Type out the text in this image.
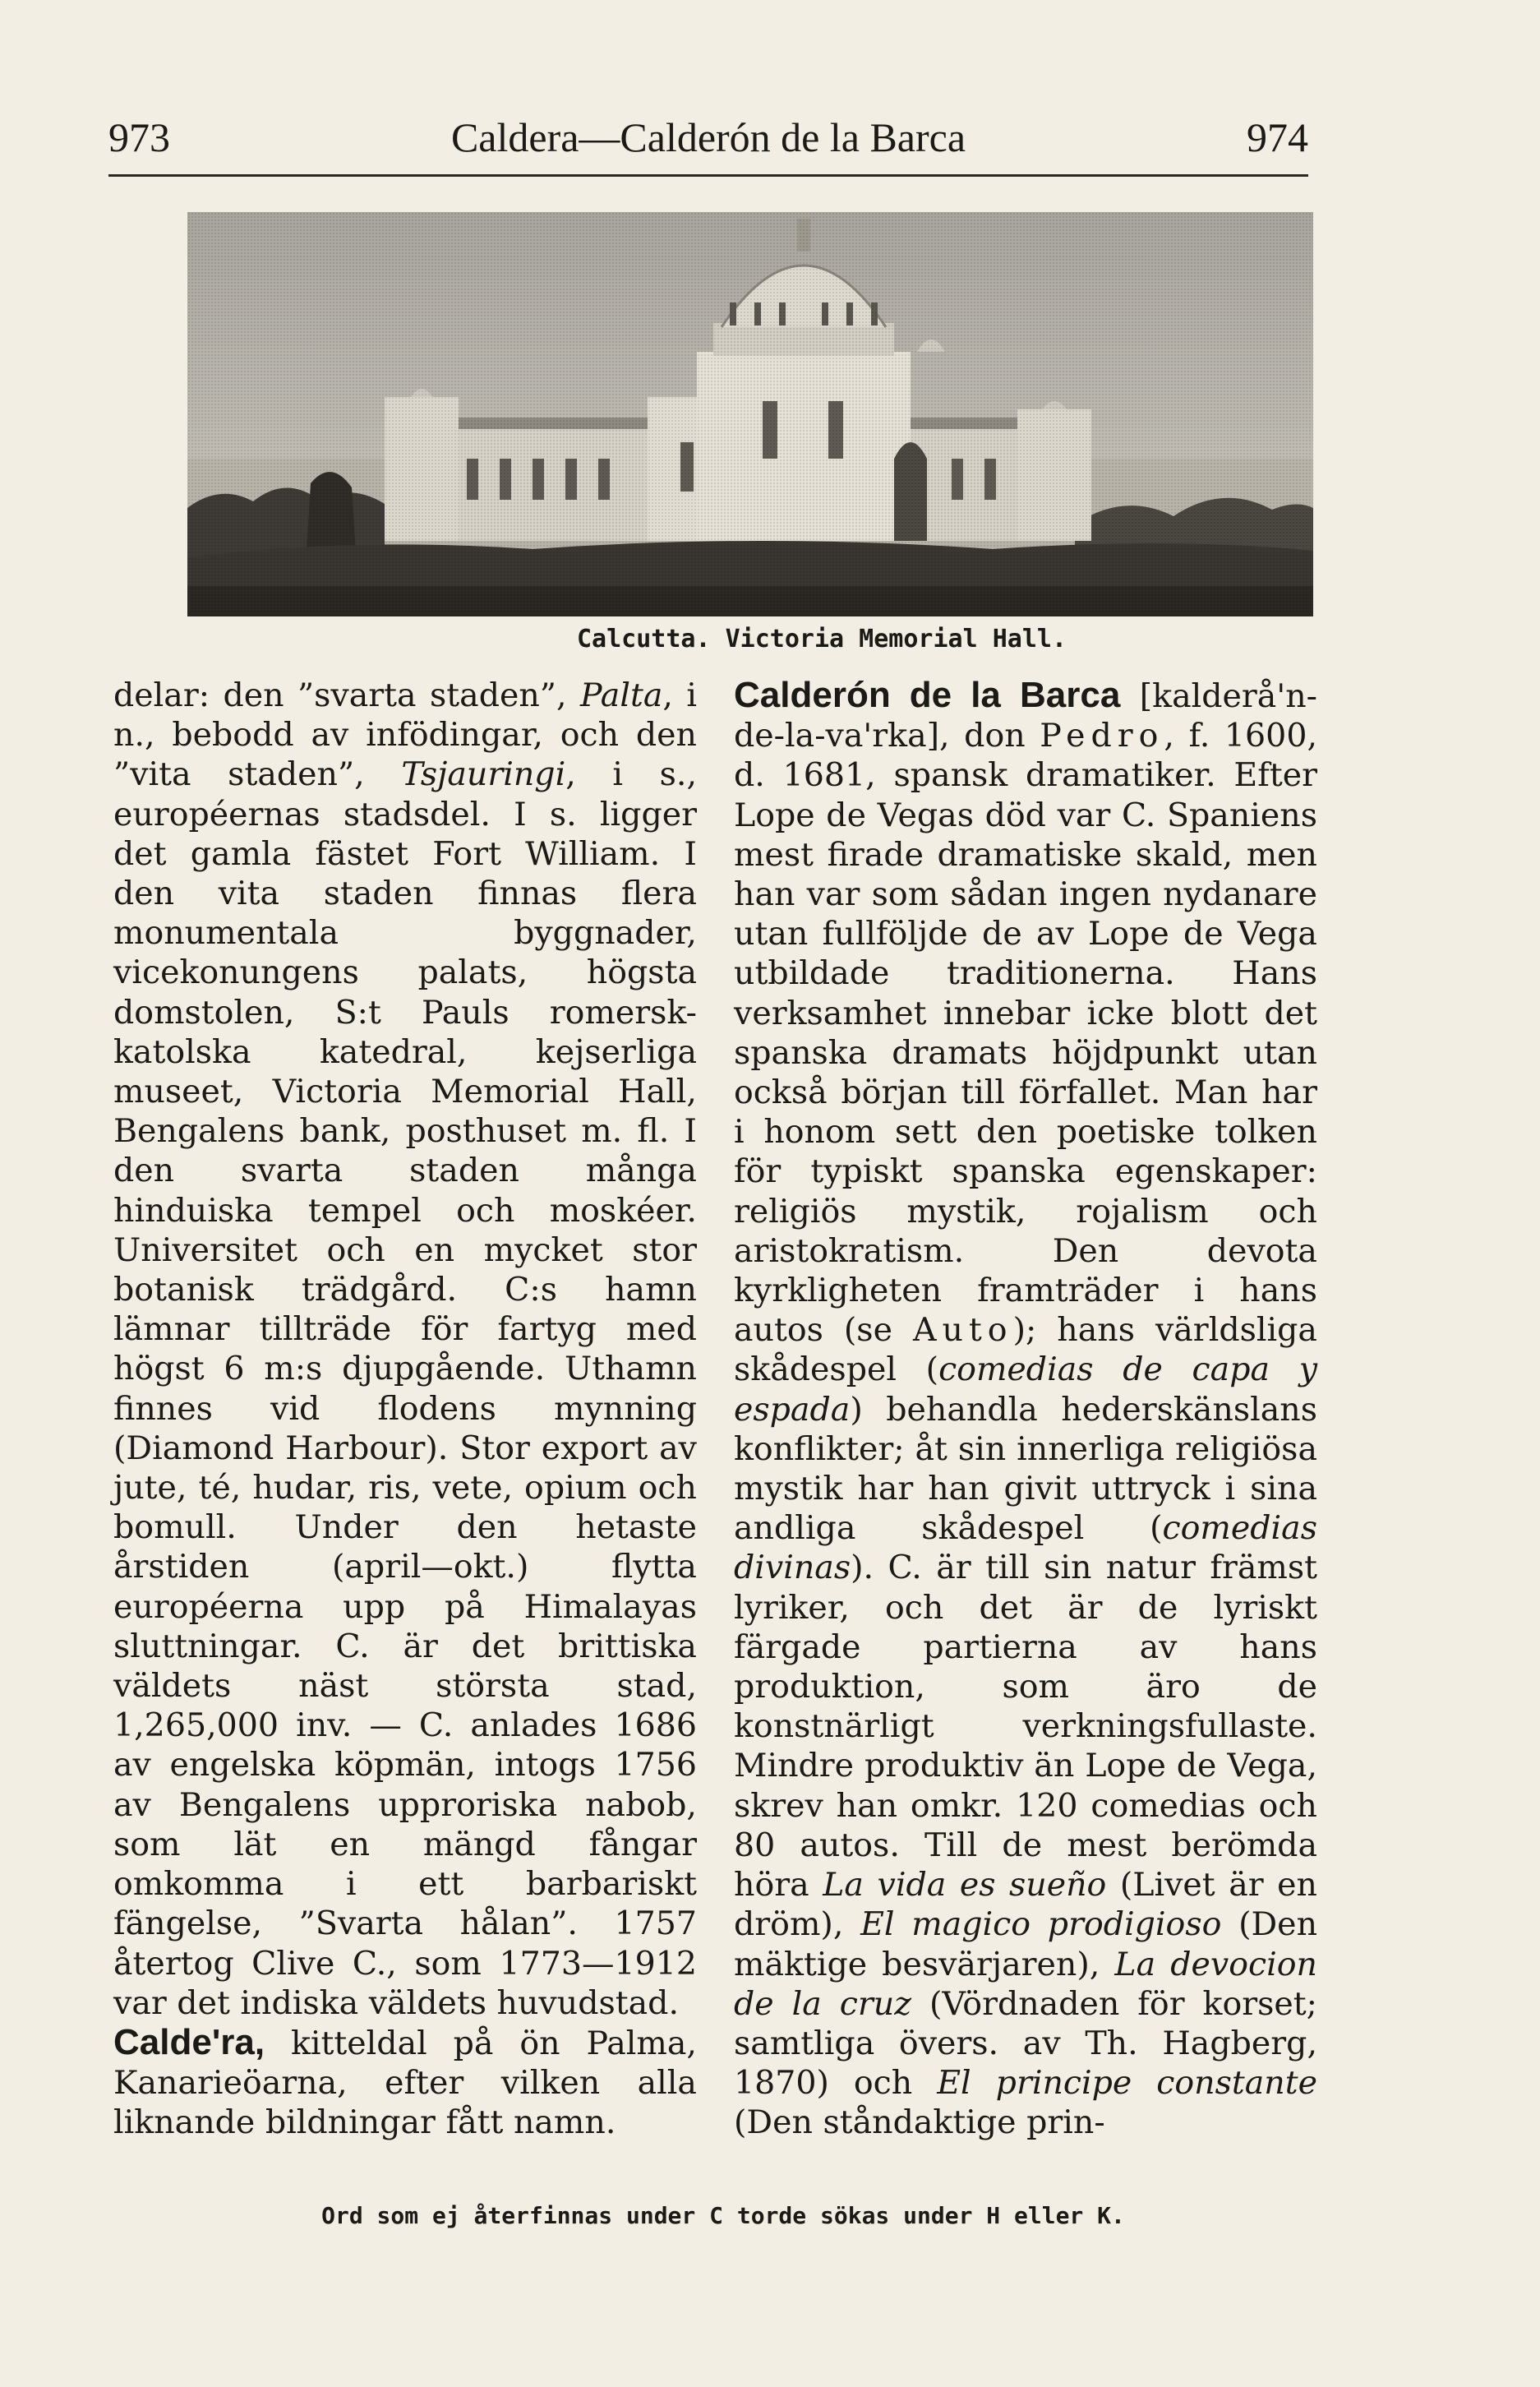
973	Caldera—Calderón de la Barca	974
Calcutta. Victoria Memorial Hall.

delar: den ”svarta staden”, Palta, i n., bebodd av infödingar, och den ”vita staden”, Tsjauringi, i s., européernas stadsdel. I s. ligger det gamla fästet Fort William. I den vita staden finnas flera monumentala byggnader, vicekonungens palats, högsta domstolen, S:t Pauls romersk-katolska katedral, kejserliga museet, Victoria Memorial Hall, Bengalens bank, posthuset m. fl. I den svarta staden många hinduiska tempel och moskéer. Universitet och en mycket stor botanisk trädgård. C:s hamn lämnar tillträde för fartyg med högst 6 m:s djupgående. Uthamn finnes vid flodens mynning (Diamond Harbour). Stor export av jute, té, hudar, ris, vete, opium och bomull. Under den hetaste årstiden (april—okt.) flytta européerna upp på Himalayas sluttningar. C. är det brittiska väldets näst största stad, 1,265,000 inv. — C. anlades 1686 av engelska köpmän, intogs 1756 av Bengalens upproriska nabob, som lät en mängd fångar omkomma i ett barbariskt fängelse, ”Svarta hålan”. 1757 återtog Clive C., som 1773—1912 var det indiska väldets huvudstad.

Calde'ra, kitteldal på ön Palma, Kanarieöarna, efter vilken alla liknande bildningar fått namn.

Calderón de la Barca [kalderå'n-de-la-va'rka], don Pedro, f. 1600, d. 1681, spansk dramatiker. Efter Lope de Vegas död var C. Spaniens mest firade dramatiske skald, men han var som sådan ingen nydanare utan fullföljde de av Lope de Vega utbildade traditionerna. Hans verksamhet innebar icke blott det spanska dramats höjdpunkt utan också början till förfallet. Man har i honom sett den poetiske tolken för typiskt spanska egenskaper: religiös mystik, rojalism och aristokratism. Den devota kyrkligheten framträder i hans autos (se Auto); hans världsliga skådespel (comedias de capa y espada) behandla hederskänslans konflikter; åt sin innerliga religiösa mystik har han givit uttryck i sina andliga skådespel (comedias divinas). C. är till sin natur främst lyriker, och det är de lyriskt färgade partierna av hans produktion, som äro de konstnärligt verkningsfullaste. Mindre produktiv än Lope de Vega, skrev han omkr. 120 comedias och 80 autos. Till de mest berömda höra La vida es sueño (Livet är en dröm), El magico prodigioso (Den mäktige besvärjaren), La devocion de la cruz (Vördnaden för korset; samtliga övers. av Th. Hagberg, 1870) och El principe constante (Den ståndaktige prin-

Ord som ej återfinnas under C torde sökas under H eller K.
